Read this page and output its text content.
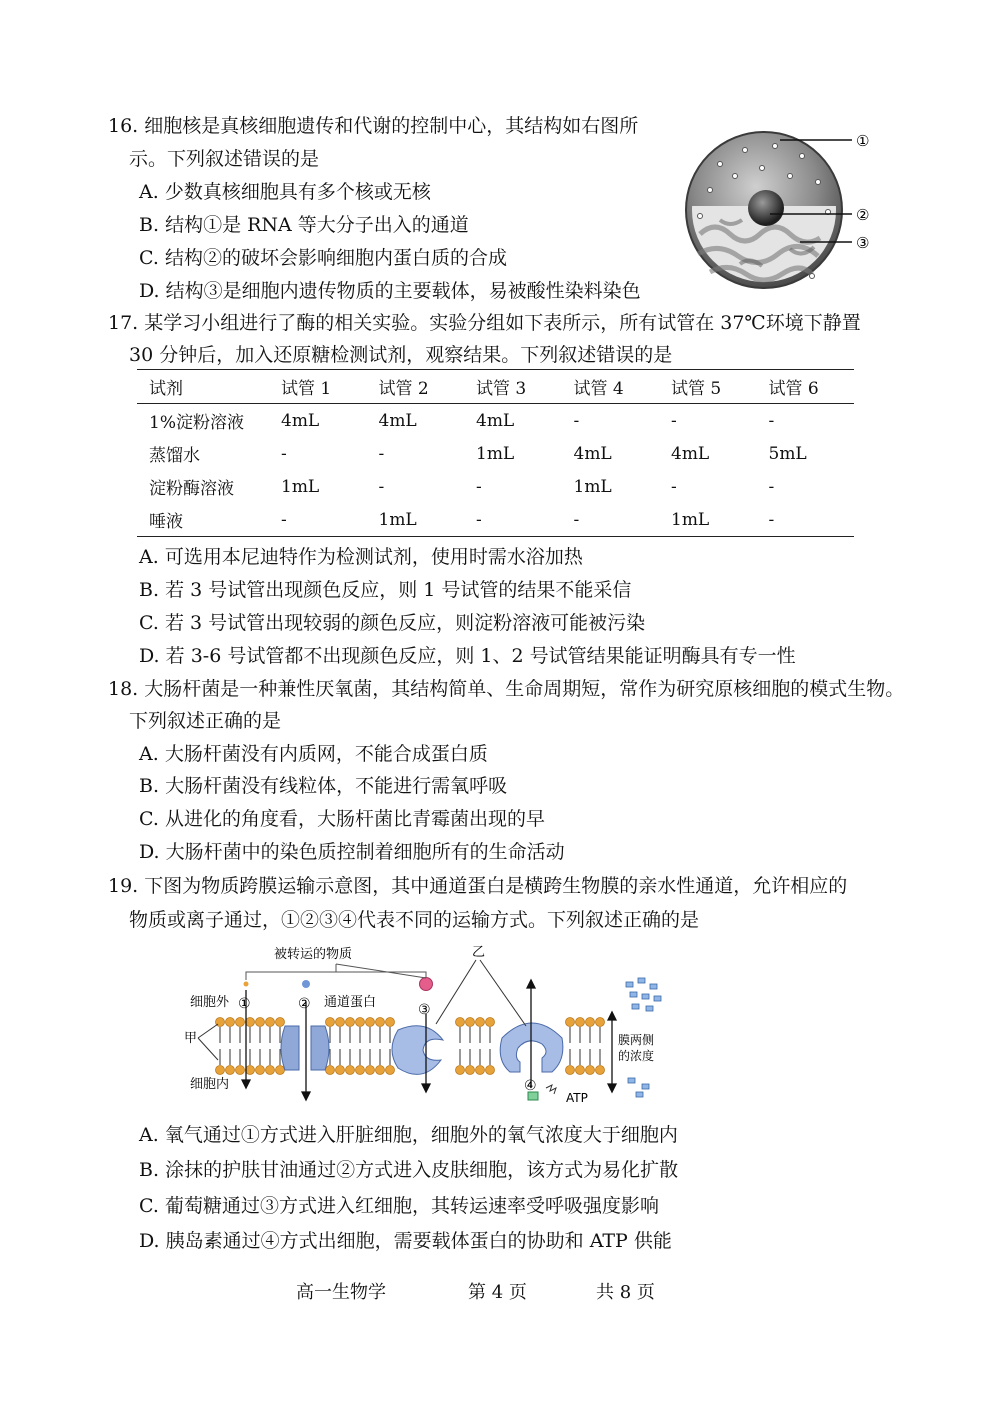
16. 细胞核是真核细胞遗传和代谢的控制中心，其结构如右图所
示。下列叙述错误的是
A. 少数真核细胞具有多个核或无核
B. 结构①是 RNA 等大分子出入的通道
C. 结构②的破坏会影响细胞内蛋白质的合成
D. 结构③是细胞内遗传物质的主要载体，易被酸性染料染色
①
②
③
17. 某学习小组进行了酶的相关实验。实验分组如下表所示，所有试管在 37℃环境下静置
30 分钟后，加入还原糖检测试剂，观察结果。下列叙述错误的是
试剂	试管 1	试管 2	试管 3	试管 4	试管 5	试管 6
1%淀粉溶液	4mL	4mL	4mL	-	-	-
蒸馏水	-	-	1mL	4mL	4mL	5mL
淀粉酶溶液	1mL	-	-	1mL	-	-
唾液	-	1mL	-	-	1mL	-
A. 可选用本尼迪特作为检测试剂，使用时需水浴加热
B. 若 3 号试管出现颜色反应，则 1 号试管的结果不能采信
C. 若 3 号试管出现较弱的颜色反应，则淀粉溶液可能被污染
D. 若 3-6 号试管都不出现颜色反应，则 1、2 号试管结果能证明酶具有专一性
18. 大肠杆菌是一种兼性厌氧菌，其结构简单、生命周期短，常作为研究原核细胞的模式生物。
下列叙述正确的是
A. 大肠杆菌没有内质网，不能合成蛋白质
B. 大肠杆菌没有线粒体，不能进行需氧呼吸
C. 从进化的角度看，大肠杆菌比青霉菌出现的早
D. 大肠杆菌中的染色质控制着细胞所有的生命活动
19. 下图为物质跨膜运输示意图，其中通道蛋白是横跨生物膜的亲水性通道，允许相应的
物质或离子通过，①②③④代表不同的运输方式。下列叙述正确的是
被转运的物质
细胞外
甲
细胞内
通道蛋白
乙
膜两侧
的浓度
ATP
①	②	③
④
A. 氧气通过①方式进入肝脏细胞，细胞外的氧气浓度大于细胞内
B. 涂抹的护肤甘油通过②方式进入皮肤细胞，该方式为易化扩散
C. 葡萄糖通过③方式进入红细胞，其转运速率受呼吸强度影响
D. 胰岛素通过④方式出细胞，需要载体蛋白的协助和 ATP 供能
高一生物学	第 4 页	共 8 页
